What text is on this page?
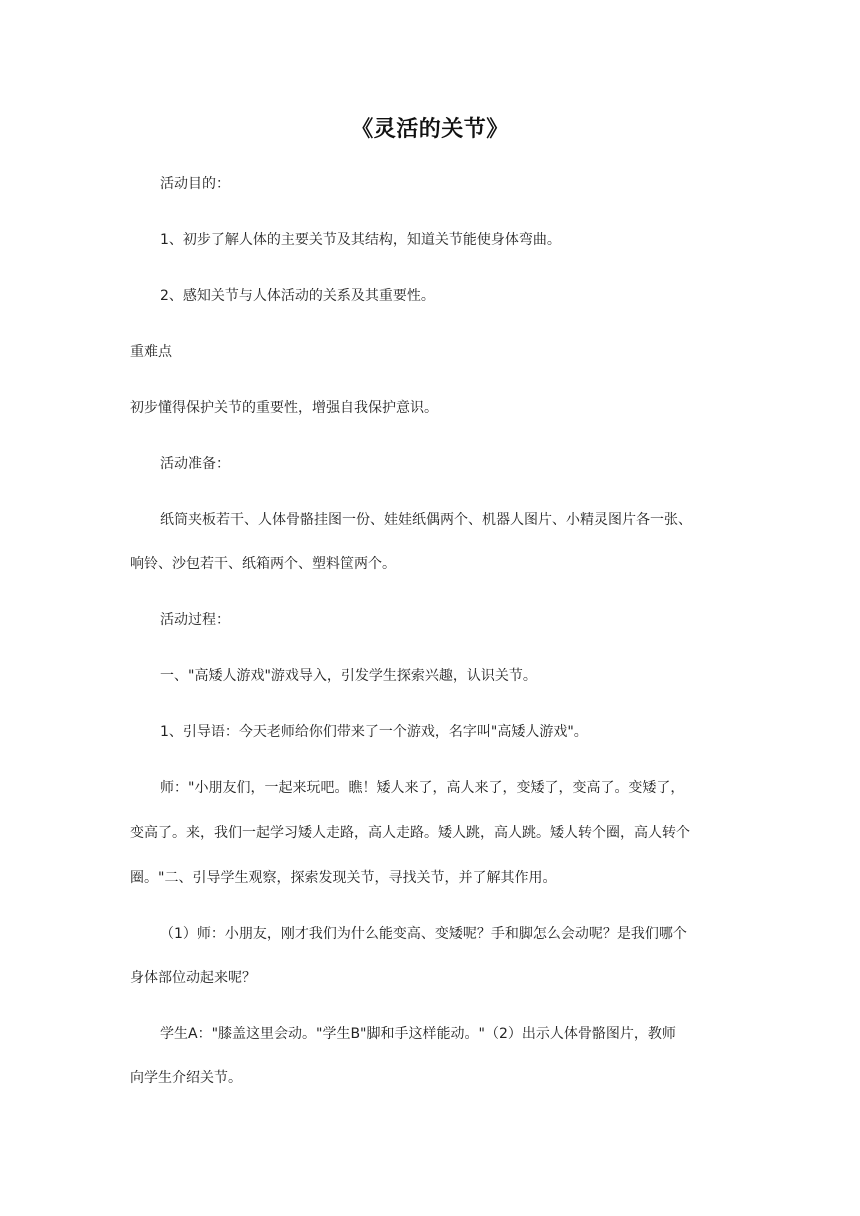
《灵活的关节》
活动目的：
1、初步了解人体的主要关节及其结构，知道关节能使身体弯曲。
2、感知关节与人体活动的关系及其重要性。
重难点
初步懂得保护关节的重要性，增强自我保护意识。
活动准备：
纸筒夹板若干、人体骨骼挂图一份、娃娃纸偶两个、机器人图片、小精灵图片各一张、
响铃、沙包若干、纸箱两个、塑料筐两个。
活动过程：
一、"高矮人游戏"游戏导入，引发学生探索兴趣，认识关节。
1、引导语：今天老师给你们带来了一个游戏，名字叫"高矮人游戏"。
师："小朋友们，一起来玩吧。瞧！矮人来了，高人来了，变矮了，变高了。变矮了，
变高了。来，我们一起学习矮人走路，高人走路。矮人跳，高人跳。矮人转个圈，高人转个
圈。"二、引导学生观察，探索发现关节，寻找关节，并了解其作用。
（1）师：小朋友，刚才我们为什么能变高、变矮呢？手和脚怎么会动呢？是我们哪个
身体部位动起来呢？
学生A："膝盖这里会动。"学生B"脚和手这样能动。"（2）出示人体骨骼图片，教师
向学生介绍关节。
